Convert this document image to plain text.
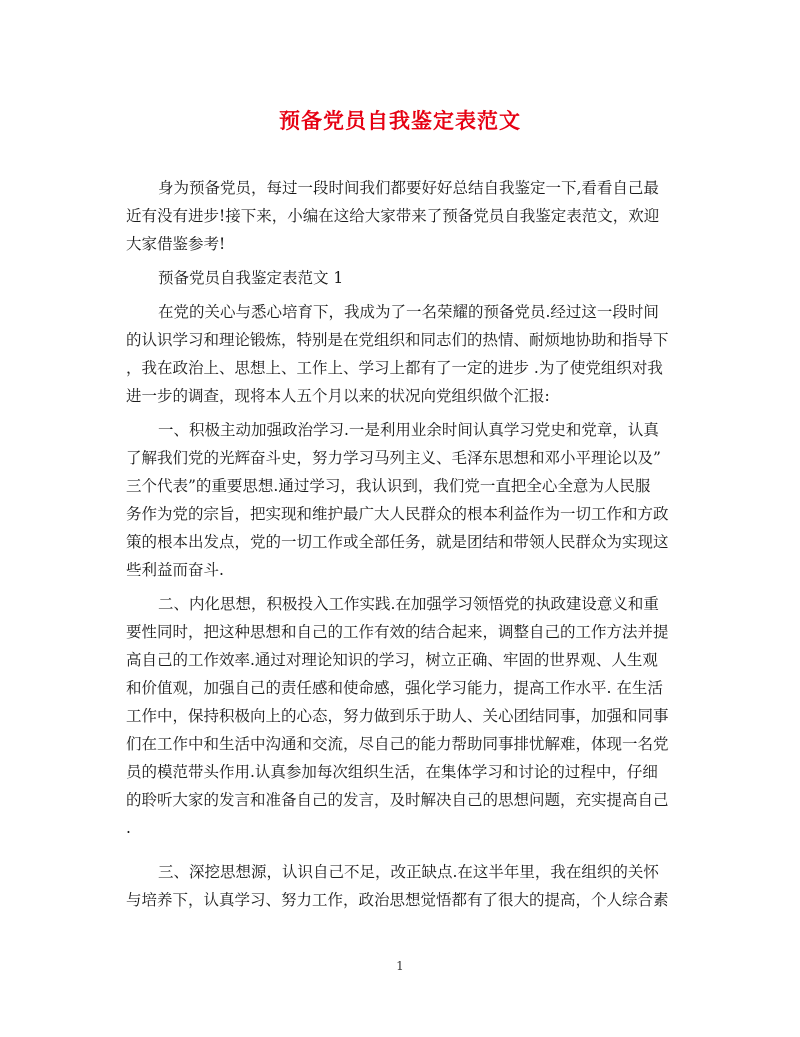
预备党员自我鉴定表范文
身为预备党员，每过一段时间我们都要好好总结自我鉴定一下,看看自己最
近有没有进步!接下来，小编在这给大家带来了预备党员自我鉴定表范文，欢迎
大家借鉴参考!
预备党员自我鉴定表范文 1
在党的关心与悉心培育下，我成为了一名荣耀的预备党员.经过这一段时间
的认识学习和理论锻炼，特别是在党组织和同志们的热情、耐烦地协助和指导下
，我在政治上、思想上、工作上、学习上都有了一定的进步 .为了使党组织对我
进一步的调查，现将本人五个月以来的状况向党组织做个汇报:
一、积极主动加强政治学习.一是利用业余时间认真学习党史和党章，认真
了解我们党的光辉奋斗史，努力学习马列主义、毛泽东思想和邓小平理论以及”
三个代表”的重要思想.通过学习，我认识到，我们党一直把全心全意为人民服
务作为党的宗旨，把实现和维护最广大人民群众的根本利益作为一切工作和方政
策的根本出发点，党的一切工作或全部任务，就是团结和带领人民群众为实现这
些利益而奋斗.
二、内化思想，积极投入工作实践.在加强学习领悟党的执政建设意义和重
要性同时，把这种思想和自己的工作有效的结合起来，调整自己的工作方法并提
高自己的工作效率.通过对理论知识的学习，树立正确、牢固的世界观、人生观
和价值观，加强自己的责任感和使命感，强化学习能力，提高工作水平. 在生活
工作中，保持积极向上的心态，努力做到乐于助人、关心团结同事，加强和同事
们在工作中和生活中沟通和交流，尽自己的能力帮助同事排忧解难，体现一名党
员的模范带头作用.认真参加每次组织生活，在集体学习和讨论的过程中，仔细
的聆听大家的发言和准备自己的发言，及时解决自己的思想问题，充实提高自己
.
三、深挖思想源，认识自己不足，改正缺点.在这半年里，我在组织的关怀
与培养下，认真学习、努力工作，政治思想觉悟都有了很大的提高，个人综合素
1
